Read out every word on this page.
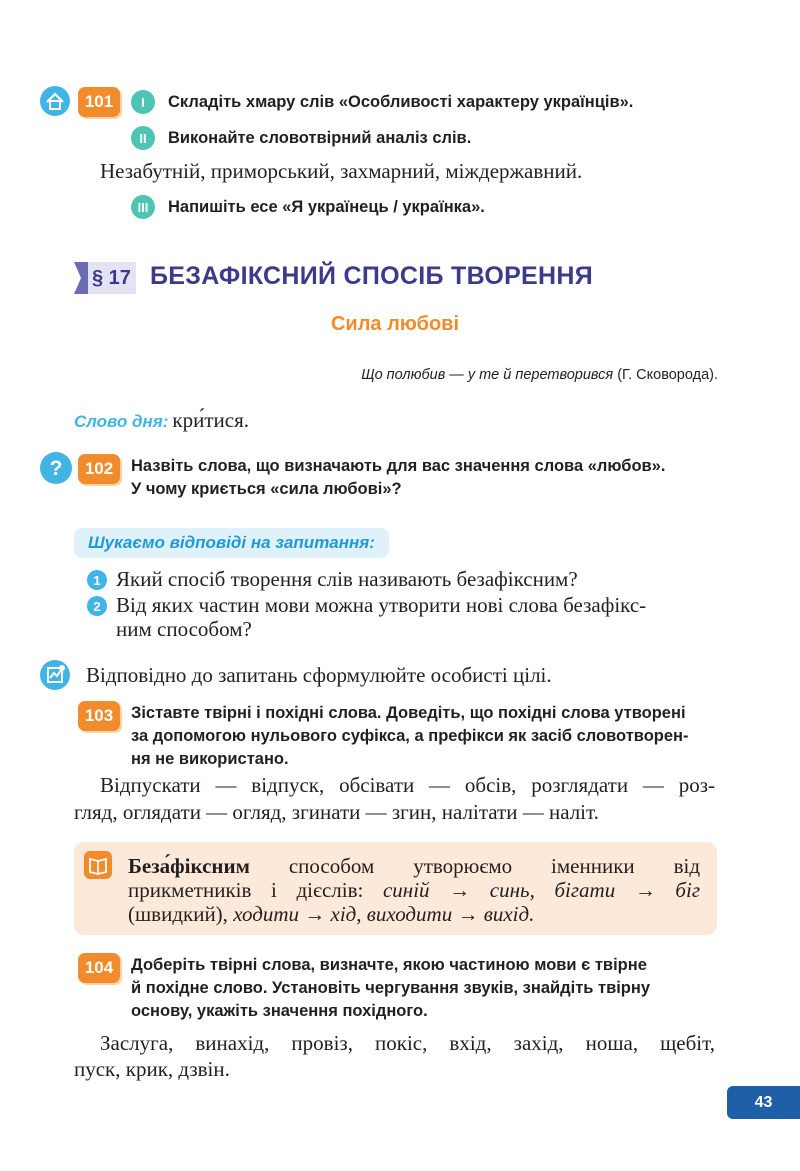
101	I	Складіть хмару слів «Особливості характеру українців».
II	Виконайте словотвірний аналіз слів.
Незабутній, приморський, захмарний, міждержавний.
III	Напишіть есе «Я українець / українка».
§ 17 БЕЗАФІКСНИЙ СПОСІБ ТВОРЕННЯ
Сила любові
Що полюбив — у те й перетворився (Г. Сковорода).
Слово дня: критися.
?	102	Назвіть слова, що визначають для вас значення слова «любов».
У чому криється «сила любові»?
Шукаємо відповіді на запитання:
1 Який спосіб творення слів називають безафіксним?
2 Від яких частин мови можна утворити нові слова безафікс-
ним способом?
Відповідно до запитань сформулюйте особисті цілі.
103	Зіставте твірні і похідні слова. Доведіть, що похідні слова утворені
за допомогою нульового суфікса, а префікси як засіб словотворен-
ня не використано.
Відпускати — відпуск, обсівати — обсів, розглядати — роз-
гляд, оглядати — огляд, згинати — згин, налітати — наліт.
Безафіксним способом утворюємо іменники від
прикметників і дієслів: синій → синь, бігати → біг
(швидкий), ходити → хід, виходити → вихід.
104	Доберіть твірні слова, визначте, якою частиною мови є твірне
й похідне слово. Установіть чергування звуків, знайдіть твірну
основу, укажіть значення похідного.
Заслуга, винахід, провіз, покіс, вхід, захід, ноша, щебіт,
пуск, крик, дзвін.
43
